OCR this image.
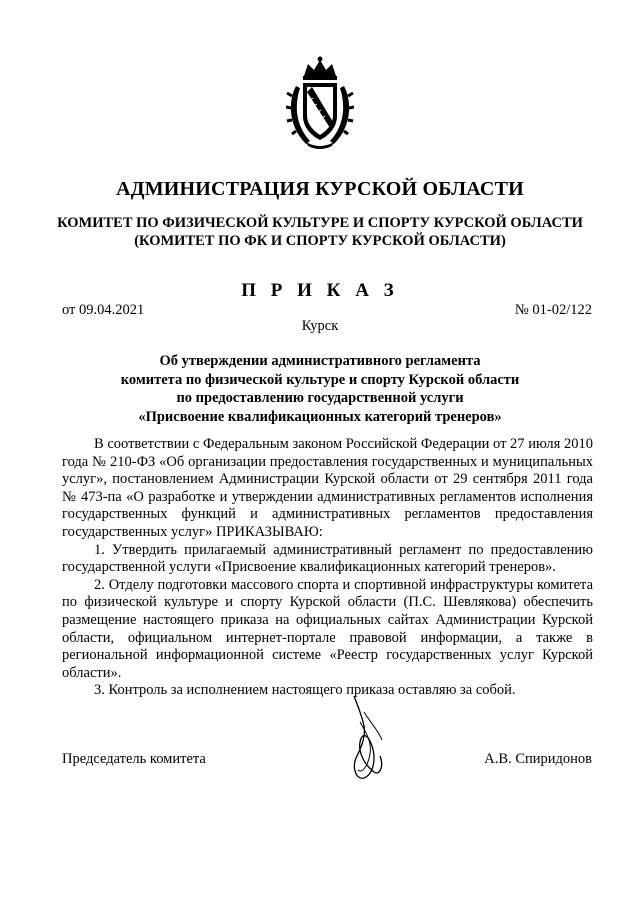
АДМИНИСТРАЦИЯ КУРСКОЙ ОБЛАСТИ
КОМИТЕТ ПО ФИЗИЧЕСКОЙ КУЛЬТУРЕ И СПОРТУ КУРСКОЙ ОБЛАСТИ
(КОМИТЕТ ПО ФК И СПОРТУ КУРСКОЙ ОБЛАСТИ)
П Р И К А З
от 09.04.2021	№ 01-02/122
Курск
Об утверждении административного регламента
комитета по физической культуре и спорту Курской области
по предоставлению государственной услуги
«Присвоение квалификационных категорий тренеров»

В соответствии с Федеральным законом Российской Федерации от 27 июля 2010 года № 210-ФЗ «Об организации предоставления государственных и муниципальных услуг», постановлением Администрации Курской области от 29 сентября 2011 года № 473-па «О разработке и утверждении административных регламентов исполнения государственных функций и административных регламентов предоставления государственных услуг» ПРИКАЗЫВАЮ:

1. Утвердить прилагаемый административный регламент по предоставлению государственной услуги «Присвоение квалификационных категорий тренеров».

2. Отделу подготовки массового спорта и спортивной инфраструктуры комитета по физической культуре и спорту Курской области (П.С. Шевлякова) обеспечить размещение настоящего приказа на официальных сайтах Администрации Курской области, официальном интернет-портале правовой информации, а также в региональной информационной системе «Реестр государственных услуг Курской области».

3. Контроль за исполнением настоящего приказа оставляю за собой.

Председатель комитета	А.В. Спиридонов
